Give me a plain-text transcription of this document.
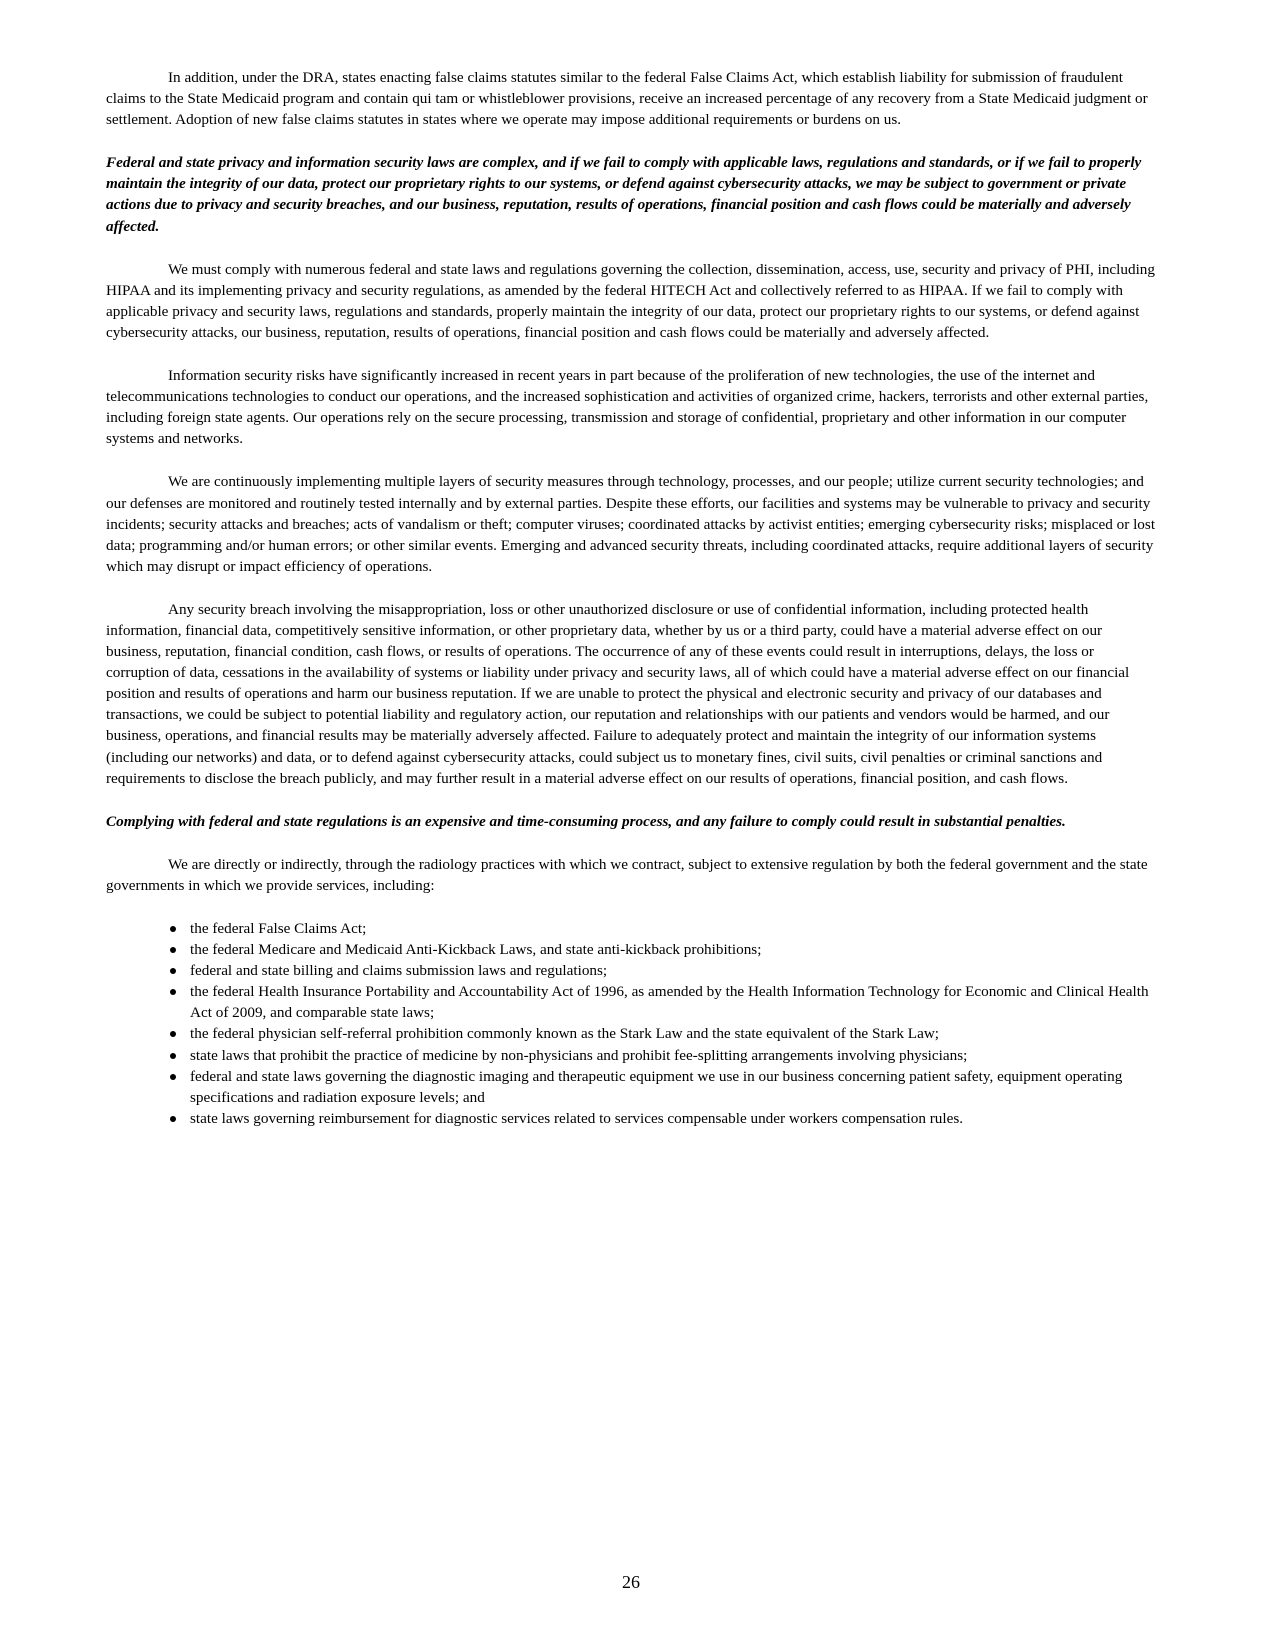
In addition, under the DRA, states enacting false claims statutes similar to the federal False Claims Act, which establish liability for submission of fraudulent claims to the State Medicaid program and contain qui tam or whistleblower provisions, receive an increased percentage of any recovery from a State Medicaid judgment or settlement. Adoption of new false claims statutes in states where we operate may impose additional requirements or burdens on us.

Federal and state privacy and information security laws are complex, and if we fail to comply with applicable laws, regulations and standards, or if we fail to properly maintain the integrity of our data, protect our proprietary rights to our systems, or defend against cybersecurity attacks, we may be subject to government or private actions due to privacy and security breaches, and our business, reputation, results of operations, financial position and cash flows could be materially and adversely affected.

We must comply with numerous federal and state laws and regulations governing the collection, dissemination, access, use, security and privacy of PHI, including HIPAA and its implementing privacy and security regulations, as amended by the federal HITECH Act and collectively referred to as HIPAA. If we fail to comply with applicable privacy and security laws, regulations and standards, properly maintain the integrity of our data, protect our proprietary rights to our systems, or defend against cybersecurity attacks, our business, reputation, results of operations, financial position and cash flows could be materially and adversely affected.

Information security risks have significantly increased in recent years in part because of the proliferation of new technologies, the use of the internet and telecommunications technologies to conduct our operations, and the increased sophistication and activities of organized crime, hackers, terrorists and other external parties, including foreign state agents. Our operations rely on the secure processing, transmission and storage of confidential, proprietary and other information in our computer systems and networks.

We are continuously implementing multiple layers of security measures through technology, processes, and our people; utilize current security technologies; and our defenses are monitored and routinely tested internally and by external parties. Despite these efforts, our facilities and systems may be vulnerable to privacy and security incidents; security attacks and breaches; acts of vandalism or theft; computer viruses; coordinated attacks by activist entities; emerging cybersecurity risks; misplaced or lost data; programming and/or human errors; or other similar events. Emerging and advanced security threats, including coordinated attacks, require additional layers of security which may disrupt or impact efficiency of operations.

Any security breach involving the misappropriation, loss or other unauthorized disclosure or use of confidential information, including protected health information, financial data, competitively sensitive information, or other proprietary data, whether by us or a third party, could have a material adverse effect on our business, reputation, financial condition, cash flows, or results of operations. The occurrence of any of these events could result in interruptions, delays, the loss or corruption of data, cessations in the availability of systems or liability under privacy and security laws, all of which could have a material adverse effect on our financial position and results of operations and harm our business reputation. If we are unable to protect the physical and electronic security and privacy of our databases and transactions, we could be subject to potential liability and regulatory action, our reputation and relationships with our patients and vendors would be harmed, and our business, operations, and financial results may be materially adversely affected. Failure to adequately protect and maintain the integrity of our information systems (including our networks) and data, or to defend against cybersecurity attacks, could subject us to monetary fines, civil suits, civil penalties or criminal sanctions and requirements to disclose the breach publicly, and may further result in a material adverse effect on our results of operations, financial position, and cash flows.

Complying with federal and state regulations is an expensive and time-consuming process, and any failure to comply could result in substantial penalties.

We are directly or indirectly, through the radiology practices with which we contract, subject to extensive regulation by both the federal government and the state governments in which we provide services, including:

the federal False Claims Act;
the federal Medicare and Medicaid Anti-Kickback Laws, and state anti-kickback prohibitions;
federal and state billing and claims submission laws and regulations;
the federal Health Insurance Portability and Accountability Act of 1996, as amended by the Health Information Technology for Economic and Clinical Health Act of 2009, and comparable state laws;
the federal physician self-referral prohibition commonly known as the Stark Law and the state equivalent of the Stark Law;
state laws that prohibit the practice of medicine by non-physicians and prohibit fee-splitting arrangements involving physicians;
federal and state laws governing the diagnostic imaging and therapeutic equipment we use in our business concerning patient safety, equipment operating specifications and radiation exposure levels; and
state laws governing reimbursement for diagnostic services related to services compensable under workers compensation rules.
26
